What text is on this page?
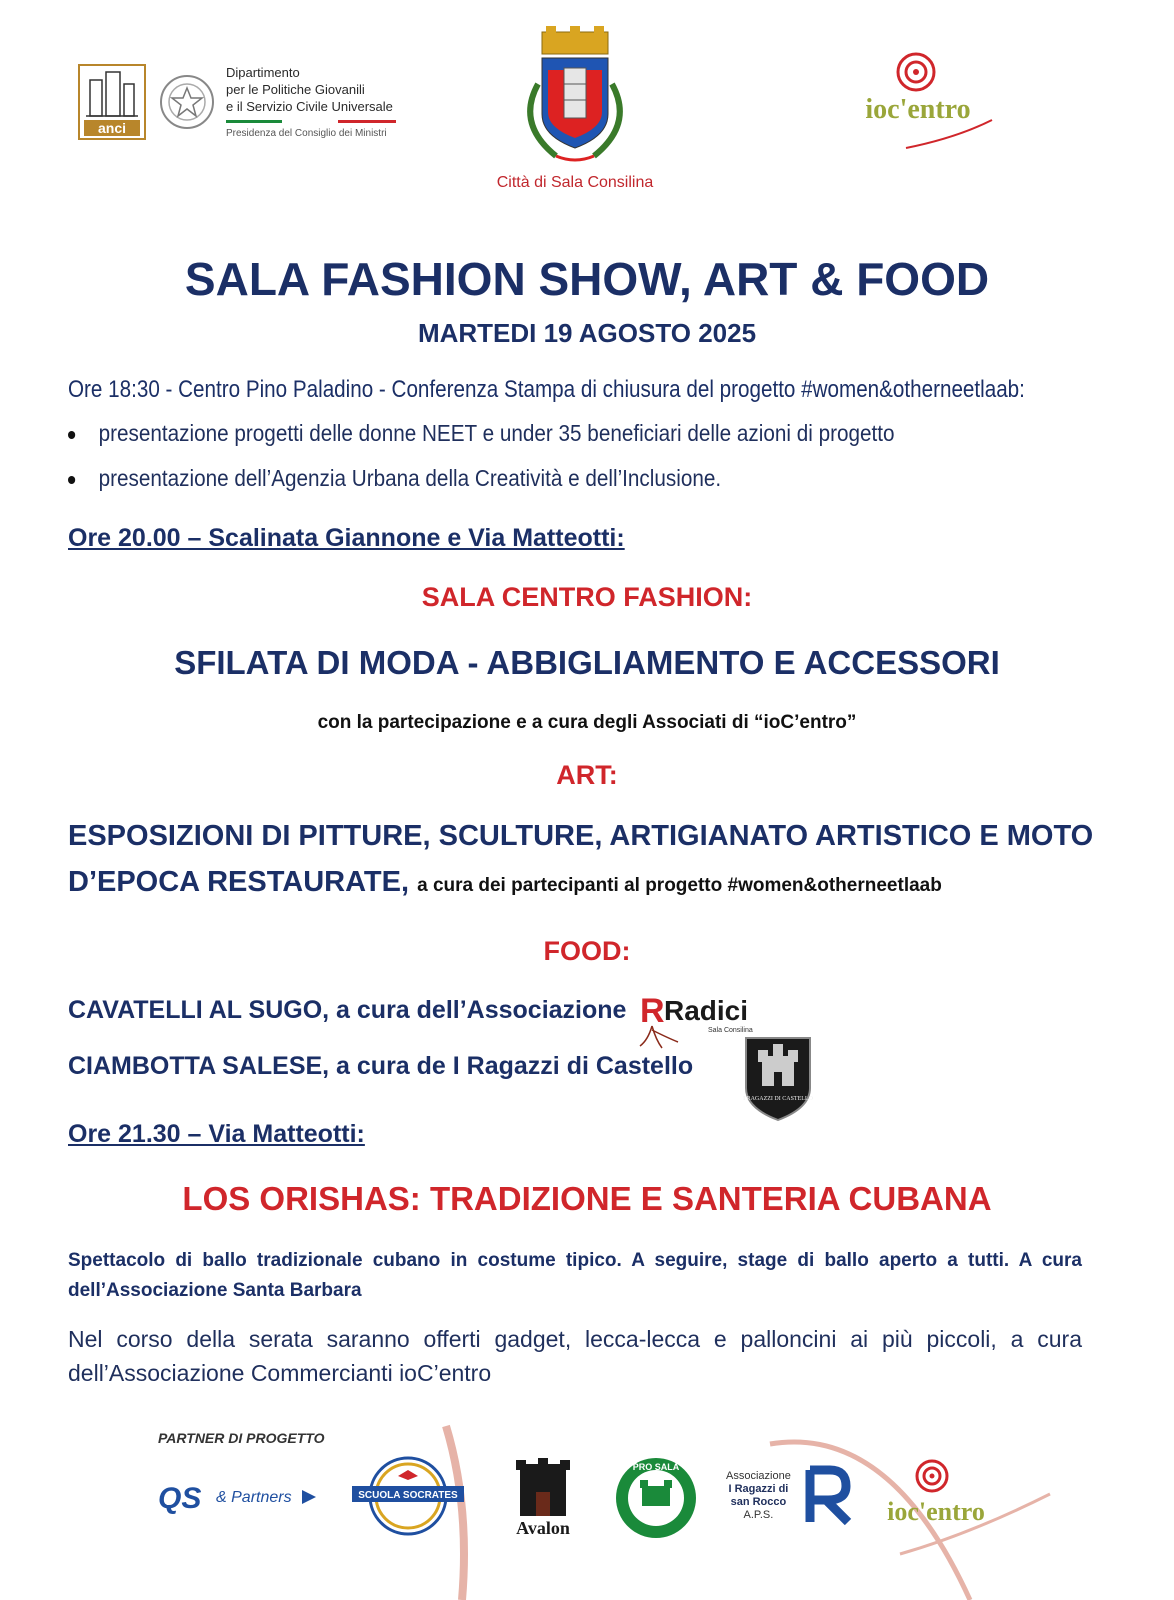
anci
Dipartimento
per le Politiche Giovanili
e il Servizio Civile Universale
Presidenza del Consiglio dei Ministri
Città di Sala Consilina
ioc'entro
SALA FASHION SHOW, ART & FOOD
MARTEDI 19 AGOSTO 2025
Ore 18:30 - Centro Pino Paladino - Conferenza Stampa di chiusura del progetto #women&otherneetlaab:
presentazione progetti delle donne NEET e under 35 beneficiari delle azioni di progetto
presentazione dell’Agenzia Urbana della Creatività e dell’Inclusione.
Ore 20.00 – Scalinata Giannone e Via Matteotti:
SALA CENTRO FASHION:
SFILATA DI MODA - ABBIGLIAMENTO E ACCESSORI
con la partecipazione e a cura degli Associati di “ioC’entro”
ART:
ESPOSIZIONI DI PITTURE, SCULTURE, ARTIGIANATO ARTISTICO E MOTO
D’EPOCA RESTAURATE, a cura dei partecipanti al progetto #women&otherneetlaab
FOOD:
CAVATELLI AL SUGO, a cura dell’Associazione R Radici
Sala Consilina
CIAMBOTTA SALESE, a cura de I Ragazzi di Castello
I RAGAZZI DI CASTELLO
Ore 21.30 – Via Matteotti:
LOS ORISHAS: TRADIZIONE E SANTERIA CUBANA
Spettacolo di ballo tradizionale cubano in costume tipico. A seguire, stage di ballo aperto a tutti. A cura dell’Associazione Santa Barbara
Nel corso della serata saranno offerti gadget, lecca-lecca e palloncini ai più piccoli, a cura dell’Associazione Commercianti ioC’entro
PARTNER DI PROGETTO
QS & Partners	SCUOLA SOCRATES
Avalon
PRO SALA
Associazione
I Ragazzi di
san Rocco
A.P.S.	ioc'entro
